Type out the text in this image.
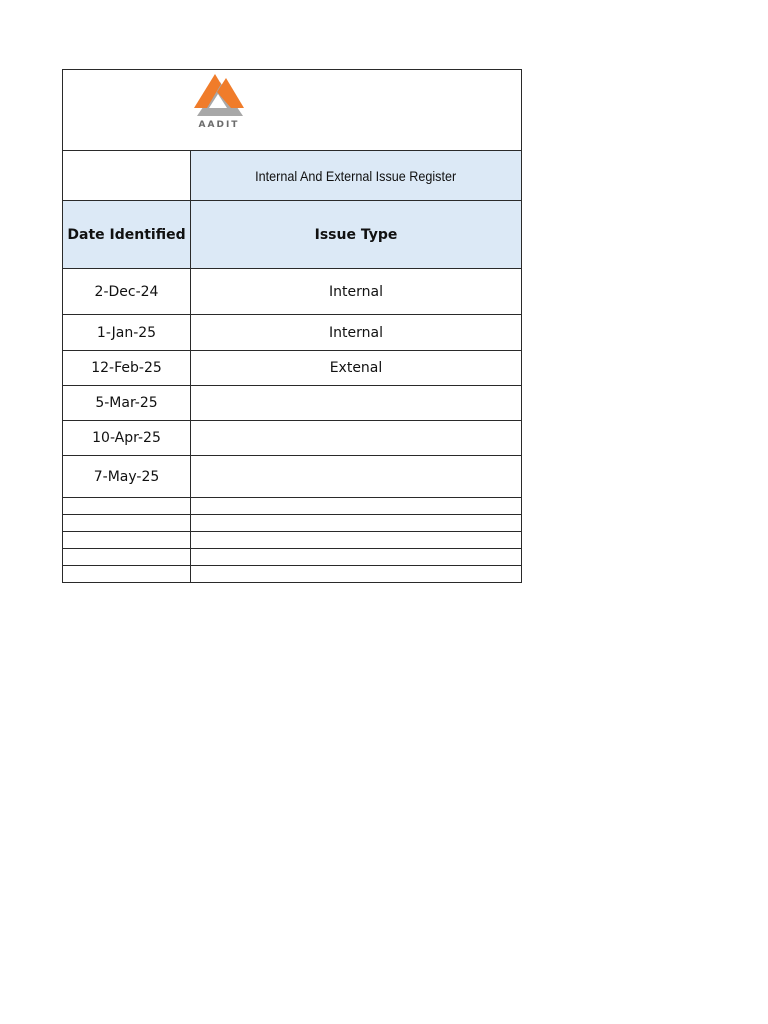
AADIT	

	Internal And External Issue Register
Date Identified	Issue Type
2-Dec-24	Internal
1-Jan-25	Internal
12-Feb-25	Extenal
5-Mar-25	
10-Apr-25	
7-May-25	
